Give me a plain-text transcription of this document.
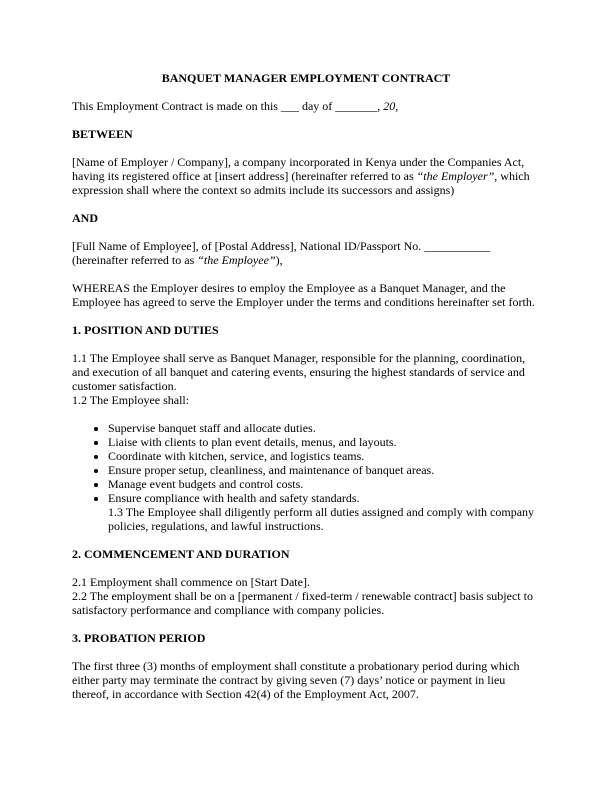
BANQUET MANAGER EMPLOYMENT CONTRACT

This Employment Contract is made on this ___ day of _______, 20,

BETWEEN

[Name of Employer / Company], a company incorporated in Kenya under the Companies Act, having its registered office at [insert address] (hereinafter referred to as “the Employer”, which expression shall where the context so admits include its successors and assigns)

AND

[Full Name of Employee], of [Postal Address], National ID/Passport No. ___________
(hereinafter referred to as “the Employee”),

WHEREAS the Employer desires to employ the Employee as a Banquet Manager, and the Employee has agreed to serve the Employer under the terms and conditions hereinafter set forth.

1. POSITION AND DUTIES

1.1 The Employee shall serve as Banquet Manager, responsible for the planning, coordination, and execution of all banquet and catering events, ensuring the highest standards of service and customer satisfaction.

1.2 The Employee shall:

• Supervise banquet staff and allocate duties.
• Liaise with clients to plan event details, menus, and layouts.
• Coordinate with kitchen, service, and logistics teams.
• Ensure proper setup, cleanliness, and maintenance of banquet areas.
• Manage event budgets and control costs.
• Ensure compliance with health and safety standards.

1.3 The Employee shall diligently perform all duties assigned and comply with company policies, regulations, and lawful instructions.

2. COMMENCEMENT AND DURATION

2.1 Employment shall commence on [Start Date].

2.2 The employment shall be on a [permanent / fixed-term / renewable contract] basis subject to satisfactory performance and compliance with company policies.

3. PROBATION PERIOD

The first three (3) months of employment shall constitute a probationary period during which either party may terminate the contract by giving seven (7) days’ notice or payment in lieu thereof, in accordance with Section 42(4) of the Employment Act, 2007.
